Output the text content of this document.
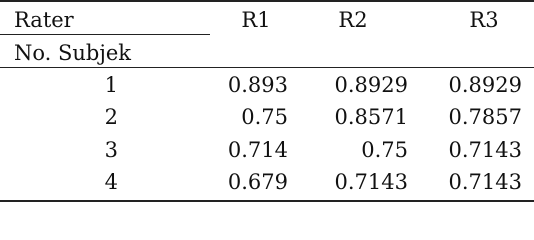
Rater	R1	R2	R3
No. Subjek
1	0.893	0.8929	0.8929
2	0.75	0.8571	0.7857
3	0.714	0.75	0.7143
4	0.679	0.7143	0.7143
